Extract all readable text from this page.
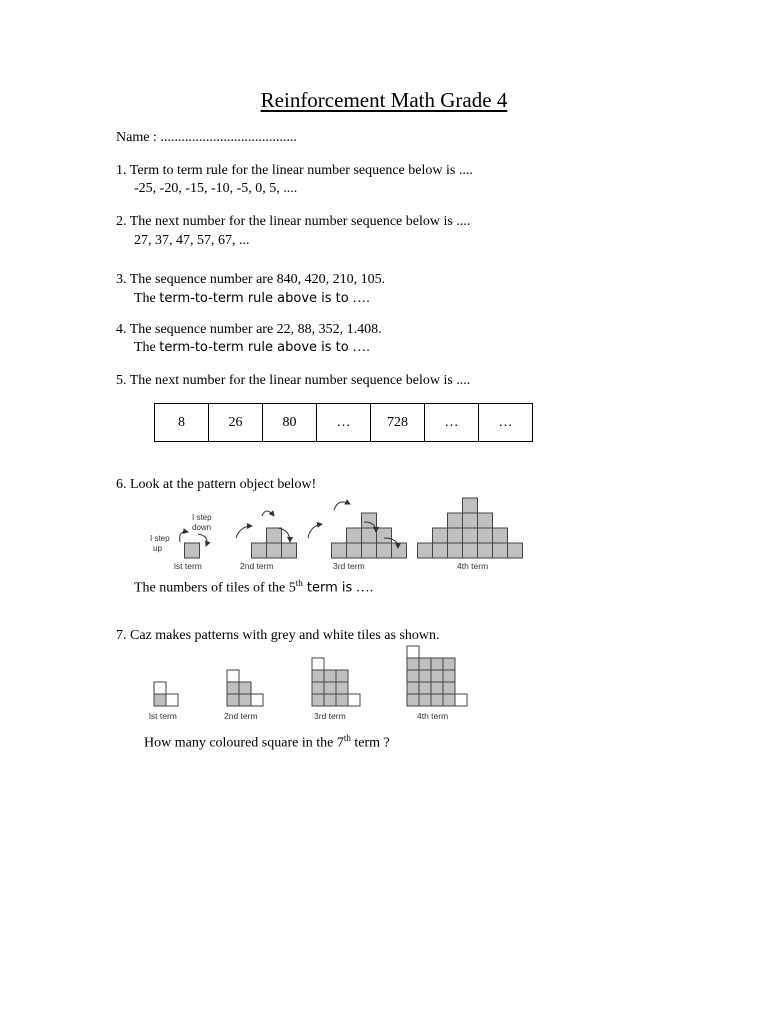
Reinforcement Math Grade 4
Name : .......................................
1. Term to term rule for the linear number sequence below is ....
-25, -20, -15, -10, -5, 0, 5, ....
2. The next number for the linear number sequence below is ....
27, 37, 47, 57, 67, ...
3. The sequence number are 840, 420, 210, 105.
The term-to-term rule above is to ….
4. The sequence number are 22, 88, 352, 1.408.
The term-to-term rule above is to ….
5. The next number for the linear number sequence below is ....
8	26	80	…	728	…	…
6. Look at the pattern object below!
I step
up
I step
down
lst term	2nd term	3rd term	4th term
The numbers of tiles of the 5th term is ….
7. Caz makes patterns with grey and white tiles as shown.
lst term	2nd term	3rd term	4th term
How many coloured square in the 7th term ?
